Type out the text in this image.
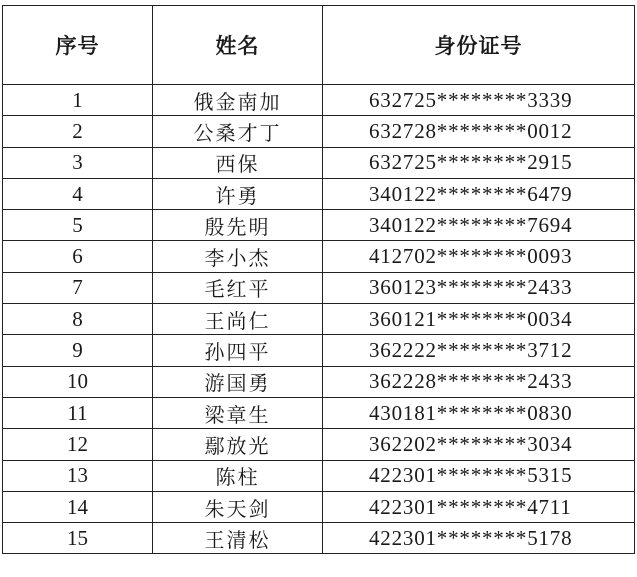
序号	姓名	身份证号
1	俄金南加	632725********3339
2	公桑才丁	632728********0012
3	西保	632725********2915
4	许勇	340122********6479
5	殷先明	340122********7694
6	李小杰	412702********0093
7	毛红平	360123********2433
8	王尚仁	360121********0034
9	孙四平	362222********3712
10	游国勇	362228********2433
11	梁章生	430181********0830
12	鄢放光	362202********3034
13	陈柱	422301********5315
14	朱天剑	422301********4711
15	王清松	422301********5178
